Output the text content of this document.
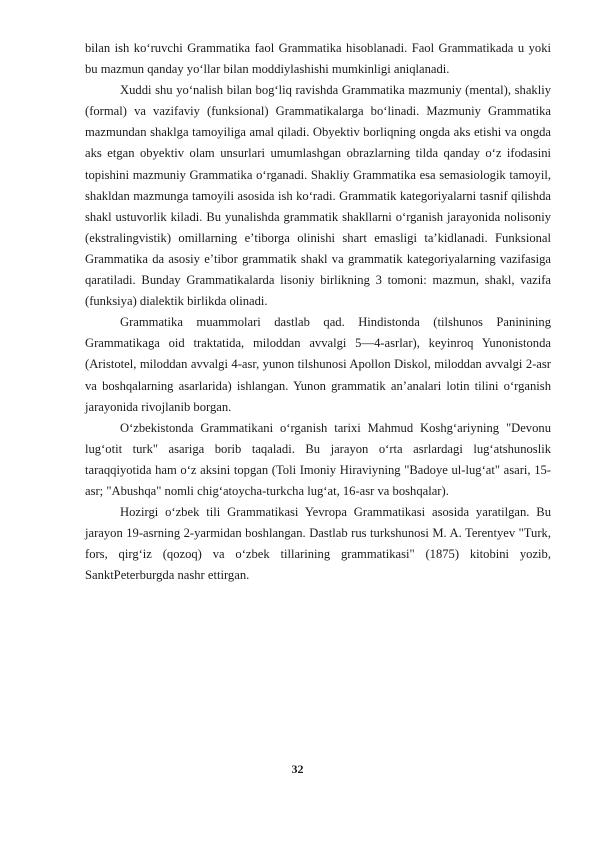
bilan ish koʻruvchi Grammatika faol Grammatika hisoblanadi. Faol Grammatikada u yoki bu mazmun qanday yoʻllar bilan moddiylashishi mumkinligi aniqlanadi.

Xuddi shu yoʻnalish bilan bogʻliq ravishda Grammatika mazmuniy (mental), shakliy (formal) va vazifaviy (funksional) Grammatikalarga boʻlinadi. Mazmuniy Grammatika mazmundan shaklga tamoyiliga amal qiladi. Obyektiv borliqning ongda aks etishi va ongda aks etgan obyektiv olam unsurlari umumlashgan obrazlarning tilda qanday oʻz ifodasini topishini mazmuniy Grammatika oʻrganadi. Shakliy Grammatika esa semasiologik tamoyil, shakldan mazmunga tamoyili asosida ish koʻradi. Grammatik kategoriyalarni tasnif qilishda shakl ustuvorlik kiladi. Bu yunalishda grammatik shakllarni oʻrganish jarayonida nolisoniy (ekstralingvistik) omillarning eʼtiborga olinishi shart emasligi taʼkidlanadi. Funksional Grammatika da asosiy eʼtibor grammatik shakl va grammatik kategoriyalarning vazifasiga qaratiladi. Bunday Grammatikalarda lisoniy birlikning 3 tomoni: mazmun, shakl, vazifa (funksiya) dialektik birlikda olinadi.

Grammatika muammolari dastlab qad. Hindistonda (tilshunos Paninining Grammatikaga oid traktatida, miloddan avvalgi 5—4-asrlar), keyinroq Yunonistonda (Aristotel, miloddan avvalgi 4-asr, yunon tilshunosi Apollon Diskol, miloddan avvalgi 2-asr va boshqalarning asarlarida) ishlangan. Yunon grammatik anʼanalari lotin tilini oʻrganish jarayonida rivojlanib borgan.

Oʻzbekistonda Grammatikani oʻrganish tarixi Mahmud Koshgʻariyning "Devonu lugʻotit turk" asariga borib taqaladi. Bu jarayon oʻrta asrlardagi lugʻatshunoslik taraqqiyotida ham oʻz aksini topgan (Toli Imoniy Hiraviyning "Badoye ul-lugʻat" asari, 15-asr; "Abushqa" nomli chigʻatoycha-turkcha lugʻat, 16-asr va boshqalar).

Hozirgi oʻzbek tili Grammatikasi Yevropa Grammatikasi asosida yaratilgan. Bu jarayon 19-asrning 2-yarmidan boshlangan. Dastlab rus turkshunosi M. A. Terentyev "Turk, fors, qirgʻiz (qozoq) va oʻzbek tillarining grammatikasi" (1875) kitobini yozib, SanktPeterburgda nashr ettirgan.

32
